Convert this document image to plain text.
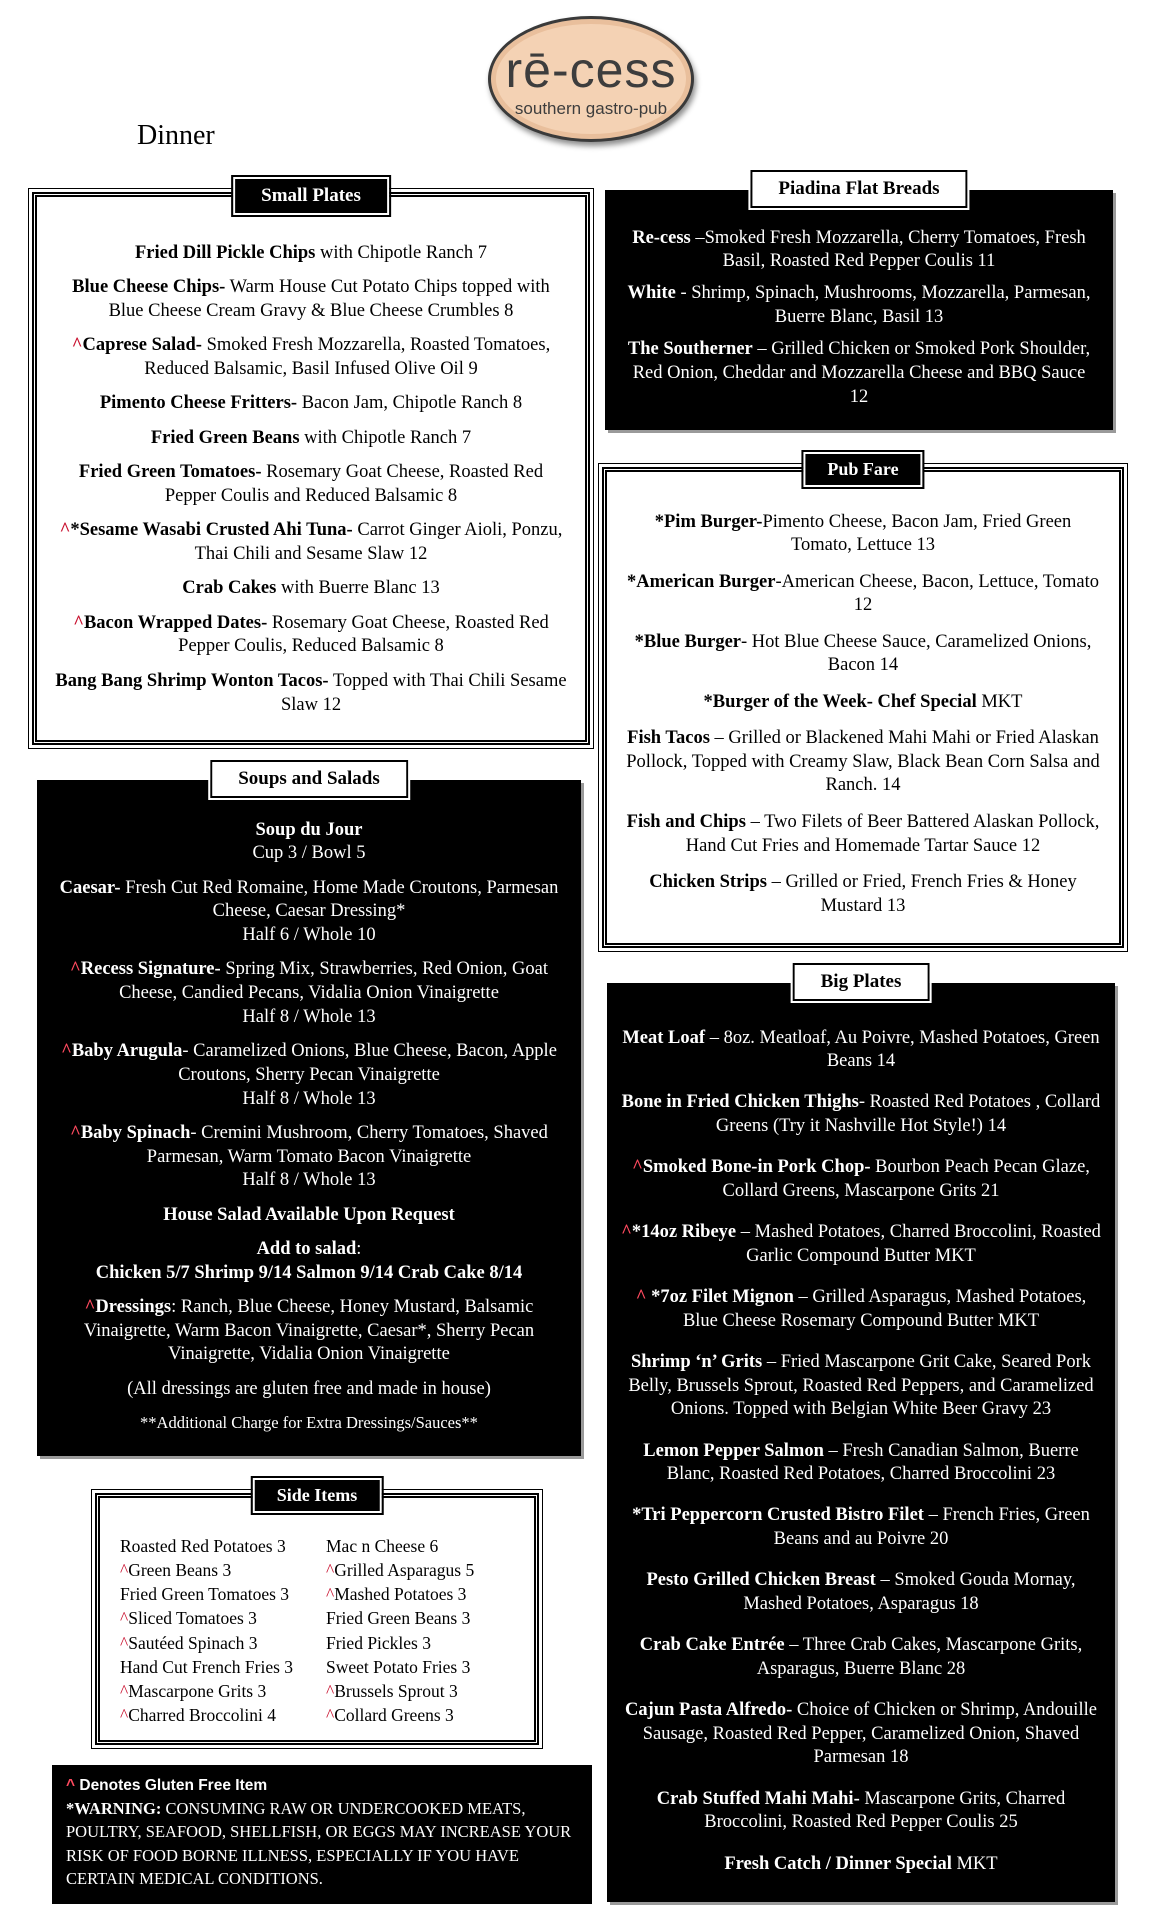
rē-cess
southern gastro-pub
Dinner
Small Plates
Fried Dill Pickle Chips with Chipotle Ranch 7
Blue Cheese Chips- Warm House Cut Potato Chips topped with Blue Cheese Cream Gravy & Blue Cheese Crumbles 8
^Caprese Salad- Smoked Fresh Mozzarella, Roasted Tomatoes, Reduced Balsamic, Basil Infused Olive Oil 9
Pimento Cheese Fritters- Bacon Jam, Chipotle Ranch 8
Fried Green Beans with Chipotle Ranch 7
Fried Green Tomatoes- Rosemary Goat Cheese, Roasted Red Pepper Coulis and Reduced Balsamic 8
^*Sesame Wasabi Crusted Ahi Tuna- Carrot Ginger Aioli, Ponzu, Thai Chili and Sesame Slaw 12
Crab Cakes with Buerre Blanc 13
^Bacon Wrapped Dates- Rosemary Goat Cheese, Roasted Red Pepper Coulis, Reduced Balsamic 8
Bang Bang Shrimp Wonton Tacos- Topped with Thai Chili Sesame Slaw 12
Soups and Salads
Soup du Jour
Cup 3 / Bowl 5
Caesar- Fresh Cut Red Romaine, Home Made Croutons, Parmesan Cheese, Caesar Dressing*
Half 6 / Whole 10
^Recess Signature- Spring Mix, Strawberries, Red Onion, Goat Cheese, Candied Pecans, Vidalia Onion Vinaigrette
Half 8 / Whole 13
^Baby Arugula- Caramelized Onions, Blue Cheese, Bacon, Apple Croutons, Sherry Pecan Vinaigrette
Half 8 / Whole 13
^Baby Spinach- Cremini Mushroom, Cherry Tomatoes, Shaved Parmesan, Warm Tomato Bacon Vinaigrette
Half 8 / Whole 13
House Salad Available Upon Request
Add to salad:
Chicken 5/7 Shrimp 9/14 Salmon 9/14 Crab Cake 8/14
^Dressings: Ranch, Blue Cheese, Honey Mustard, Balsamic Vinaigrette, Warm Bacon Vinaigrette, Caesar*, Sherry Pecan Vinaigrette, Vidalia Onion Vinaigrette
(All dressings are gluten free and made in house)
**Additional Charge for Extra Dressings/Sauces**
Side Items
Roasted Red Potatoes 3	Mac n Cheese 6
^Green Beans 3	^Grilled Asparagus 5
Fried Green Tomatoes 3	^Mashed Potatoes 3
^Sliced Tomatoes 3	Fried Green Beans 3
^Sautéed Spinach 3	Fried Pickles 3
Hand Cut French Fries 3	Sweet Potato Fries 3
^Mascarpone Grits 3	^Brussels Sprout 3
^Charred Broccolini 4	^Collard Greens 3
^ Denotes Gluten Free Item
*WARNING: CONSUMING RAW OR UNDERCOOKED MEATS, POULTRY, SEAFOOD, SHELLFISH, OR EGGS MAY INCREASE YOUR RISK OF FOOD BORNE ILLNESS, ESPECIALLY IF YOU HAVE CERTAIN MEDICAL CONDITIONS.
Piadina Flat Breads
Re-cess –Smoked Fresh Mozzarella, Cherry Tomatoes, Fresh Basil, Roasted Red Pepper Coulis 11
White - Shrimp, Spinach, Mushrooms, Mozzarella, Parmesan, Buerre Blanc, Basil 13
The Southerner – Grilled Chicken or Smoked Pork Shoulder, Red Onion, Cheddar and Mozzarella Cheese and BBQ Sauce 12
Pub Fare
*Pim Burger-Pimento Cheese, Bacon Jam, Fried Green Tomato, Lettuce 13
*American Burger-American Cheese, Bacon, Lettuce, Tomato 12
*Blue Burger- Hot Blue Cheese Sauce, Caramelized Onions, Bacon 14
*Burger of the Week- Chef Special MKT
Fish Tacos – Grilled or Blackened Mahi Mahi or Fried Alaskan Pollock, Topped with Creamy Slaw, Black Bean Corn Salsa and Ranch. 14
Fish and Chips – Two Filets of Beer Battered Alaskan Pollock, Hand Cut Fries and Homemade Tartar Sauce 12
Chicken Strips – Grilled or Fried, French Fries & Honey Mustard 13
Big Plates
Meat Loaf – 8oz. Meatloaf, Au Poivre, Mashed Potatoes, Green Beans 14
Bone in Fried Chicken Thighs- Roasted Red Potatoes , Collard Greens (Try it Nashville Hot Style!) 14
^Smoked Bone-in Pork Chop- Bourbon Peach Pecan Glaze, Collard Greens, Mascarpone Grits 21
^*14oz Ribeye – Mashed Potatoes, Charred Broccolini, Roasted Garlic Compound Butter MKT
^ *7oz Filet Mignon – Grilled Asparagus, Mashed Potatoes, Blue Cheese Rosemary Compound Butter MKT
Shrimp ‘n’ Grits – Fried Mascarpone Grit Cake, Seared Pork Belly, Brussels Sprout, Roasted Red Peppers, and Caramelized Onions. Topped with Belgian White Beer Gravy 23
Lemon Pepper Salmon – Fresh Canadian Salmon, Buerre Blanc, Roasted Red Potatoes, Charred Broccolini 23
*Tri Peppercorn Crusted Bistro Filet – French Fries, Green Beans and au Poivre 20
Pesto Grilled Chicken Breast – Smoked Gouda Mornay, Mashed Potatoes, Asparagus 18
Crab Cake Entrée – Three Crab Cakes, Mascarpone Grits, Asparagus, Buerre Blanc 28
Cajun Pasta Alfredo- Choice of Chicken or Shrimp, Andouille Sausage, Roasted Red Pepper, Caramelized Onion, Shaved Parmesan 18
Crab Stuffed Mahi Mahi- Mascarpone Grits, Charred Broccolini, Roasted Red Pepper Coulis 25
Fresh Catch / Dinner Special MKT
